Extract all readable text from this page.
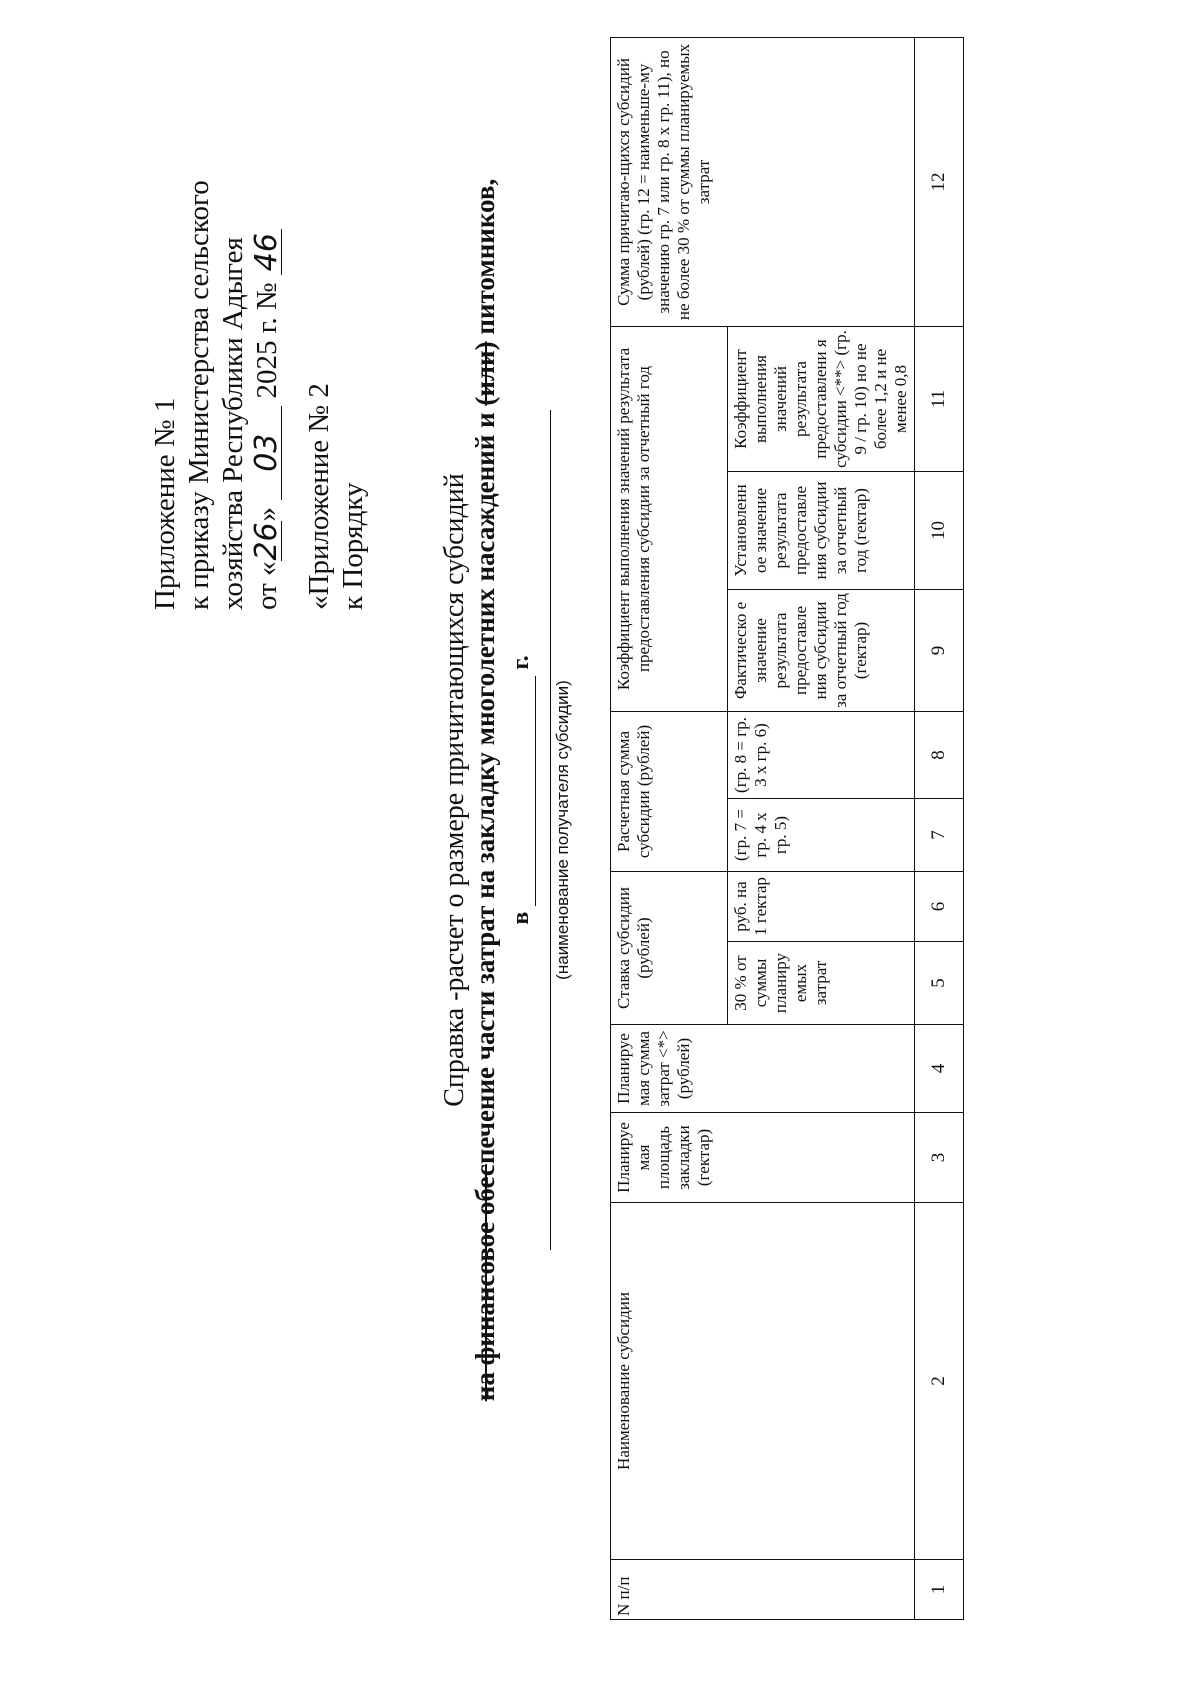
Приложение № 1 к приказу Министерства сельского хозяйства Республики Адыгея от «26» 03 2025 г. № 46
«Приложение № 2 к Порядку	Справка -расчет о размере причитающихся субсидий
на финансовое обеспечение части затрат на закладку многолетних насаждений и (или) питомников,
в  г.
(наименование получателя субсидии)
N п/п	Наименование субсидии	Планируе мая площадь закладки (гектар)	Планируе мая сумма затрат <*> (рублей)	Ставка субсидии (рублей)		Расчетная сумма субсидии (рублей)		Коэффициент выполнения значений результата предоставления субсидии за отчетный год			Сумма причитаю-щихся субсидий (рублей) (гр. 12 = наименьше-му значению гр. 7 или гр. 8 х гр. 11), но не более 30 % от суммы планируемых затрат
								Фактическо е значение результата предоставле ния субсидии за отчетный год (гектар)	Установленн ое значение результата предоставле ния субсидии за отчетный год (гектар)	Коэффициент выполнения значений результата предоставлени я субсидии <**> (гр. 9 / гр. 10) но не более 1,2 и не менее 0,8	
				30 % от суммы планиру емых затрат	руб. на 1 гектар	(гр. 7 = гр. 4 х гр. 5)	(гр. 8 = гр. 3 х гр. 6)				
1	2	3	4	5	6	7	8	9	10	11	12
